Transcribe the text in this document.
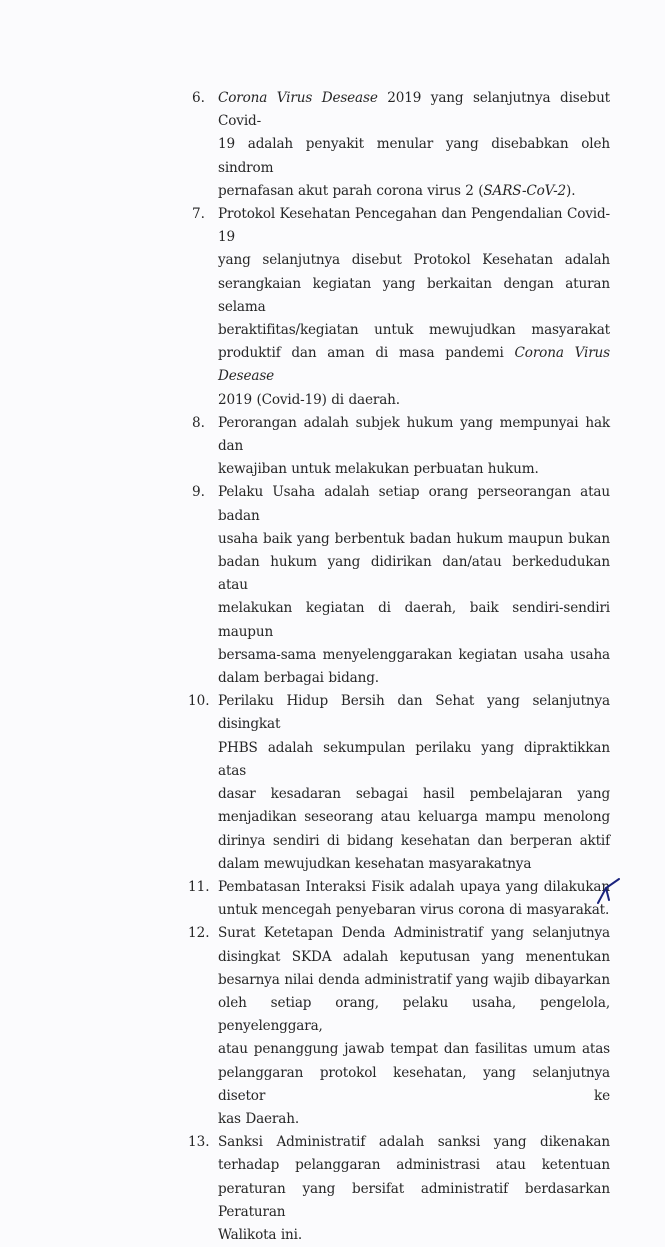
6. Corona Virus Desease 2019 yang selanjutnya disebut Covid-
19 adalah penyakit menular yang disebabkan oleh sindrom
pernafasan akut parah corona virus 2 (SARS-CoV-2).
7. Protokol Kesehatan Pencegahan dan Pengendalian Covid-19
yang selanjutnya disebut Protokol Kesehatan adalah
serangkaian kegiatan yang berkaitan dengan aturan selama
beraktifitas/kegiatan untuk mewujudkan masyarakat
produktif dan aman di masa pandemi Corona Virus Desease
2019 (Covid-19) di daerah.
8. Perorangan adalah subjek hukum yang mempunyai hak dan
kewajiban untuk melakukan perbuatan hukum.
9. Pelaku Usaha adalah setiap orang perseorangan atau badan
usaha baik yang berbentuk badan hukum maupun bukan
badan hukum yang didirikan dan/atau berkedudukan atau
melakukan kegiatan di daerah, baik sendiri-sendiri maupun
bersama-sama menyelenggarakan kegiatan usaha usaha
dalam berbagai bidang.
10. Perilaku Hidup Bersih dan Sehat yang selanjutnya disingkat
PHBS adalah sekumpulan perilaku yang dipraktikkan atas
dasar kesadaran sebagai hasil pembelajaran yang
menjadikan seseorang atau keluarga mampu menolong
dirinya sendiri di bidang kesehatan dan berperan aktif
dalam mewujudkan kesehatan masyarakatnya
11. Pembatasan Interaksi Fisik adalah upaya yang dilakukan
untuk mencegah penyebaran virus corona di masyarakat.
12. Surat Ketetapan Denda Administratif yang selanjutnya
disingkat SKDA adalah keputusan yang menentukan
besarnya nilai denda administratif yang wajib dibayarkan
oleh setiap orang, pelaku usaha, pengelola, penyelenggara,
atau penanggung jawab tempat dan fasilitas umum atas
pelanggaran protokol kesehatan, yang selanjutnya disetor ke
kas Daerah.
13. Sanksi Administratif adalah sanksi yang dikenakan
terhadap pelanggaran administrasi atau ketentuan
peraturan yang bersifat administratif berdasarkan Peraturan
Walikota ini.
